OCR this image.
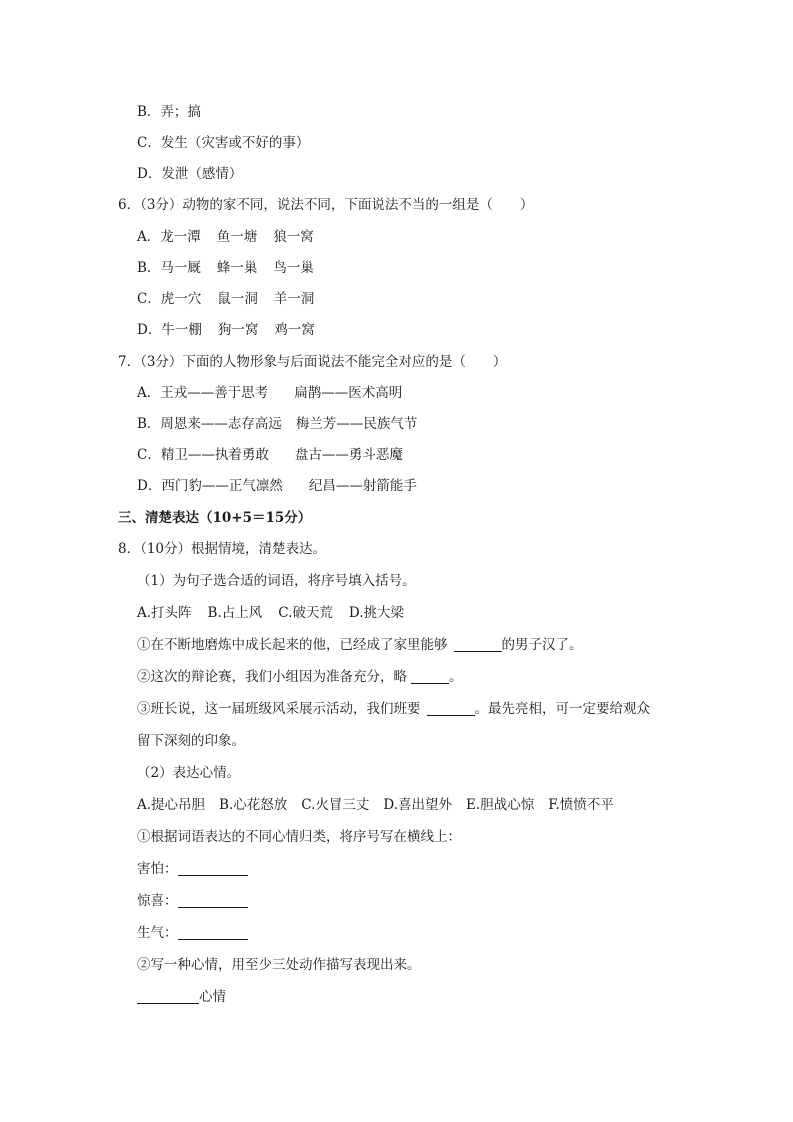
B．弄；搞
C．发生（灾害或不好的事）
D．发泄（感情）
6．（3分）动物的家不同，说法不同，下面说法不当的一组是（　　）
A．龙一潭 鱼一塘 狼一窝
B．马一厩 蜂一巢 鸟一巢
C．虎一穴 鼠一洞 羊一洞
D．牛一棚 狗一窝 鸡一窝
7．（3分）下面的人物形象与后面说法不能完全对应的是（　　）
A．王戎——善于思考 扁鹊——医术高明
B．周恩来——志存高远 梅兰芳——民族气节
C．精卫——执着勇敢 盘古——勇斗恶魔
D．西门豹——正气凛然 纪昌——射箭能手
三、清楚表达（10+5＝15分）
8．（10分）根据情境，清楚表达。
（1）为句子选合适的词语，将序号填入括号。
A.打头阵 B.占上风 C.破天荒 D.挑大梁
①在不断地磨炼中成长起来的他，已经成了家里能够	的男子汉了。
②这次的辩论赛，我们小组因为准备充分，略	。
③班长说，这一届班级风采展示活动，我们班要	。最先亮相，可一定要给观众
留下深刻的印象。
（2）表达心情。
A.提心吊胆 B.心花怒放 C.火冒三丈 D.喜出望外 E.胆战心惊 F.愤愤不平
①根据词语表达的不同心情归类，将序号写在横线上：
害怕：
惊喜：
生气：
②写一种心情，用至少三处动作描写表现出来。
心情
